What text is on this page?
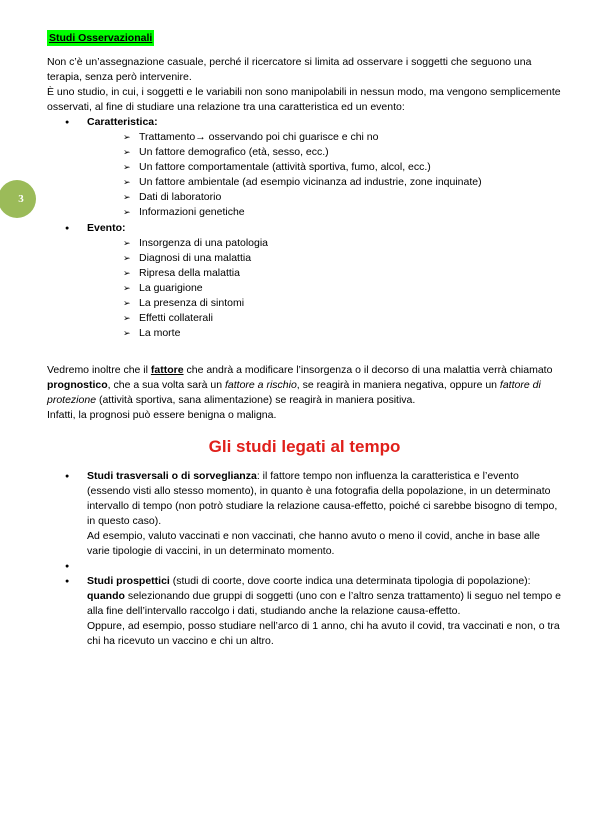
3
Studi Osservazionali

Non c’è un’assegnazione casuale, perché il ricercatore si limita ad osservare i soggetti che seguono una terapia, senza però intervenire.

È uno studio, in cui, i soggetti e le variabili non sono manipolabili in nessun modo, ma vengono semplicemente osservati, al fine di studiare una relazione tra una caratteristica ed un evento:

● Caratteristica:
➢ Trattamento→ osservando poi chi guarisce e chi no
➢ Un fattore demografico (età, sesso, ecc.)
➢ Un fattore comportamentale (attività sportiva, fumo, alcol, ecc.)
➢ Un fattore ambientale (ad esempio vicinanza ad industrie, zone inquinate)
➢ Dati di laboratorio
➢ Informazioni genetiche
● Evento:
➢ Insorgenza di una patologia
➢ Diagnosi di una malattia
➢ Ripresa della malattia
➢ La guarigione
➢ La presenza di sintomi
➢ Effetti collaterali
➢ La morte

Vedremo inoltre che il fattore che andrà a modificare l’insorgenza o il decorso di una malattia verrà chiamato prognostico, che a sua volta sarà un fattore a rischio, se reagirà in maniera negativa, oppure un fattore di protezione (attività sportiva, sana alimentazione) se reagirà in maniera positiva.

Infatti, la prognosi può essere benigna o maligna.

Gli studi legati al tempo
● Studi trasversali o di sorveglianza: il fattore tempo non influenza la caratteristica e l’evento (essendo visti allo stesso momento), in quanto è una fotografia della popolazione, in un determinato intervallo di tempo (non potrò studiare la relazione causa-effetto, poiché ci sarebbe bisogno di tempo, in questo caso).
Ad esempio, valuto vaccinati e non vaccinati, che hanno avuto o meno il covid, anche in base alle varie tipologie di vaccini, in un determinato momento.
●
● Studi prospettici (studi di coorte, dove coorte indica una determinata tipologia di popolazione): quando selezionando due gruppi di soggetti (uno con e l’altro senza trattamento) li seguo nel tempo e alla fine dell’intervallo raccolgo i dati, studiando anche la relazione causa-effetto.
Oppure, ad esempio, posso studiare nell’arco di 1 anno, chi ha avuto il covid, tra vaccinati e non, o tra chi ha ricevuto un vaccino e chi un altro.
